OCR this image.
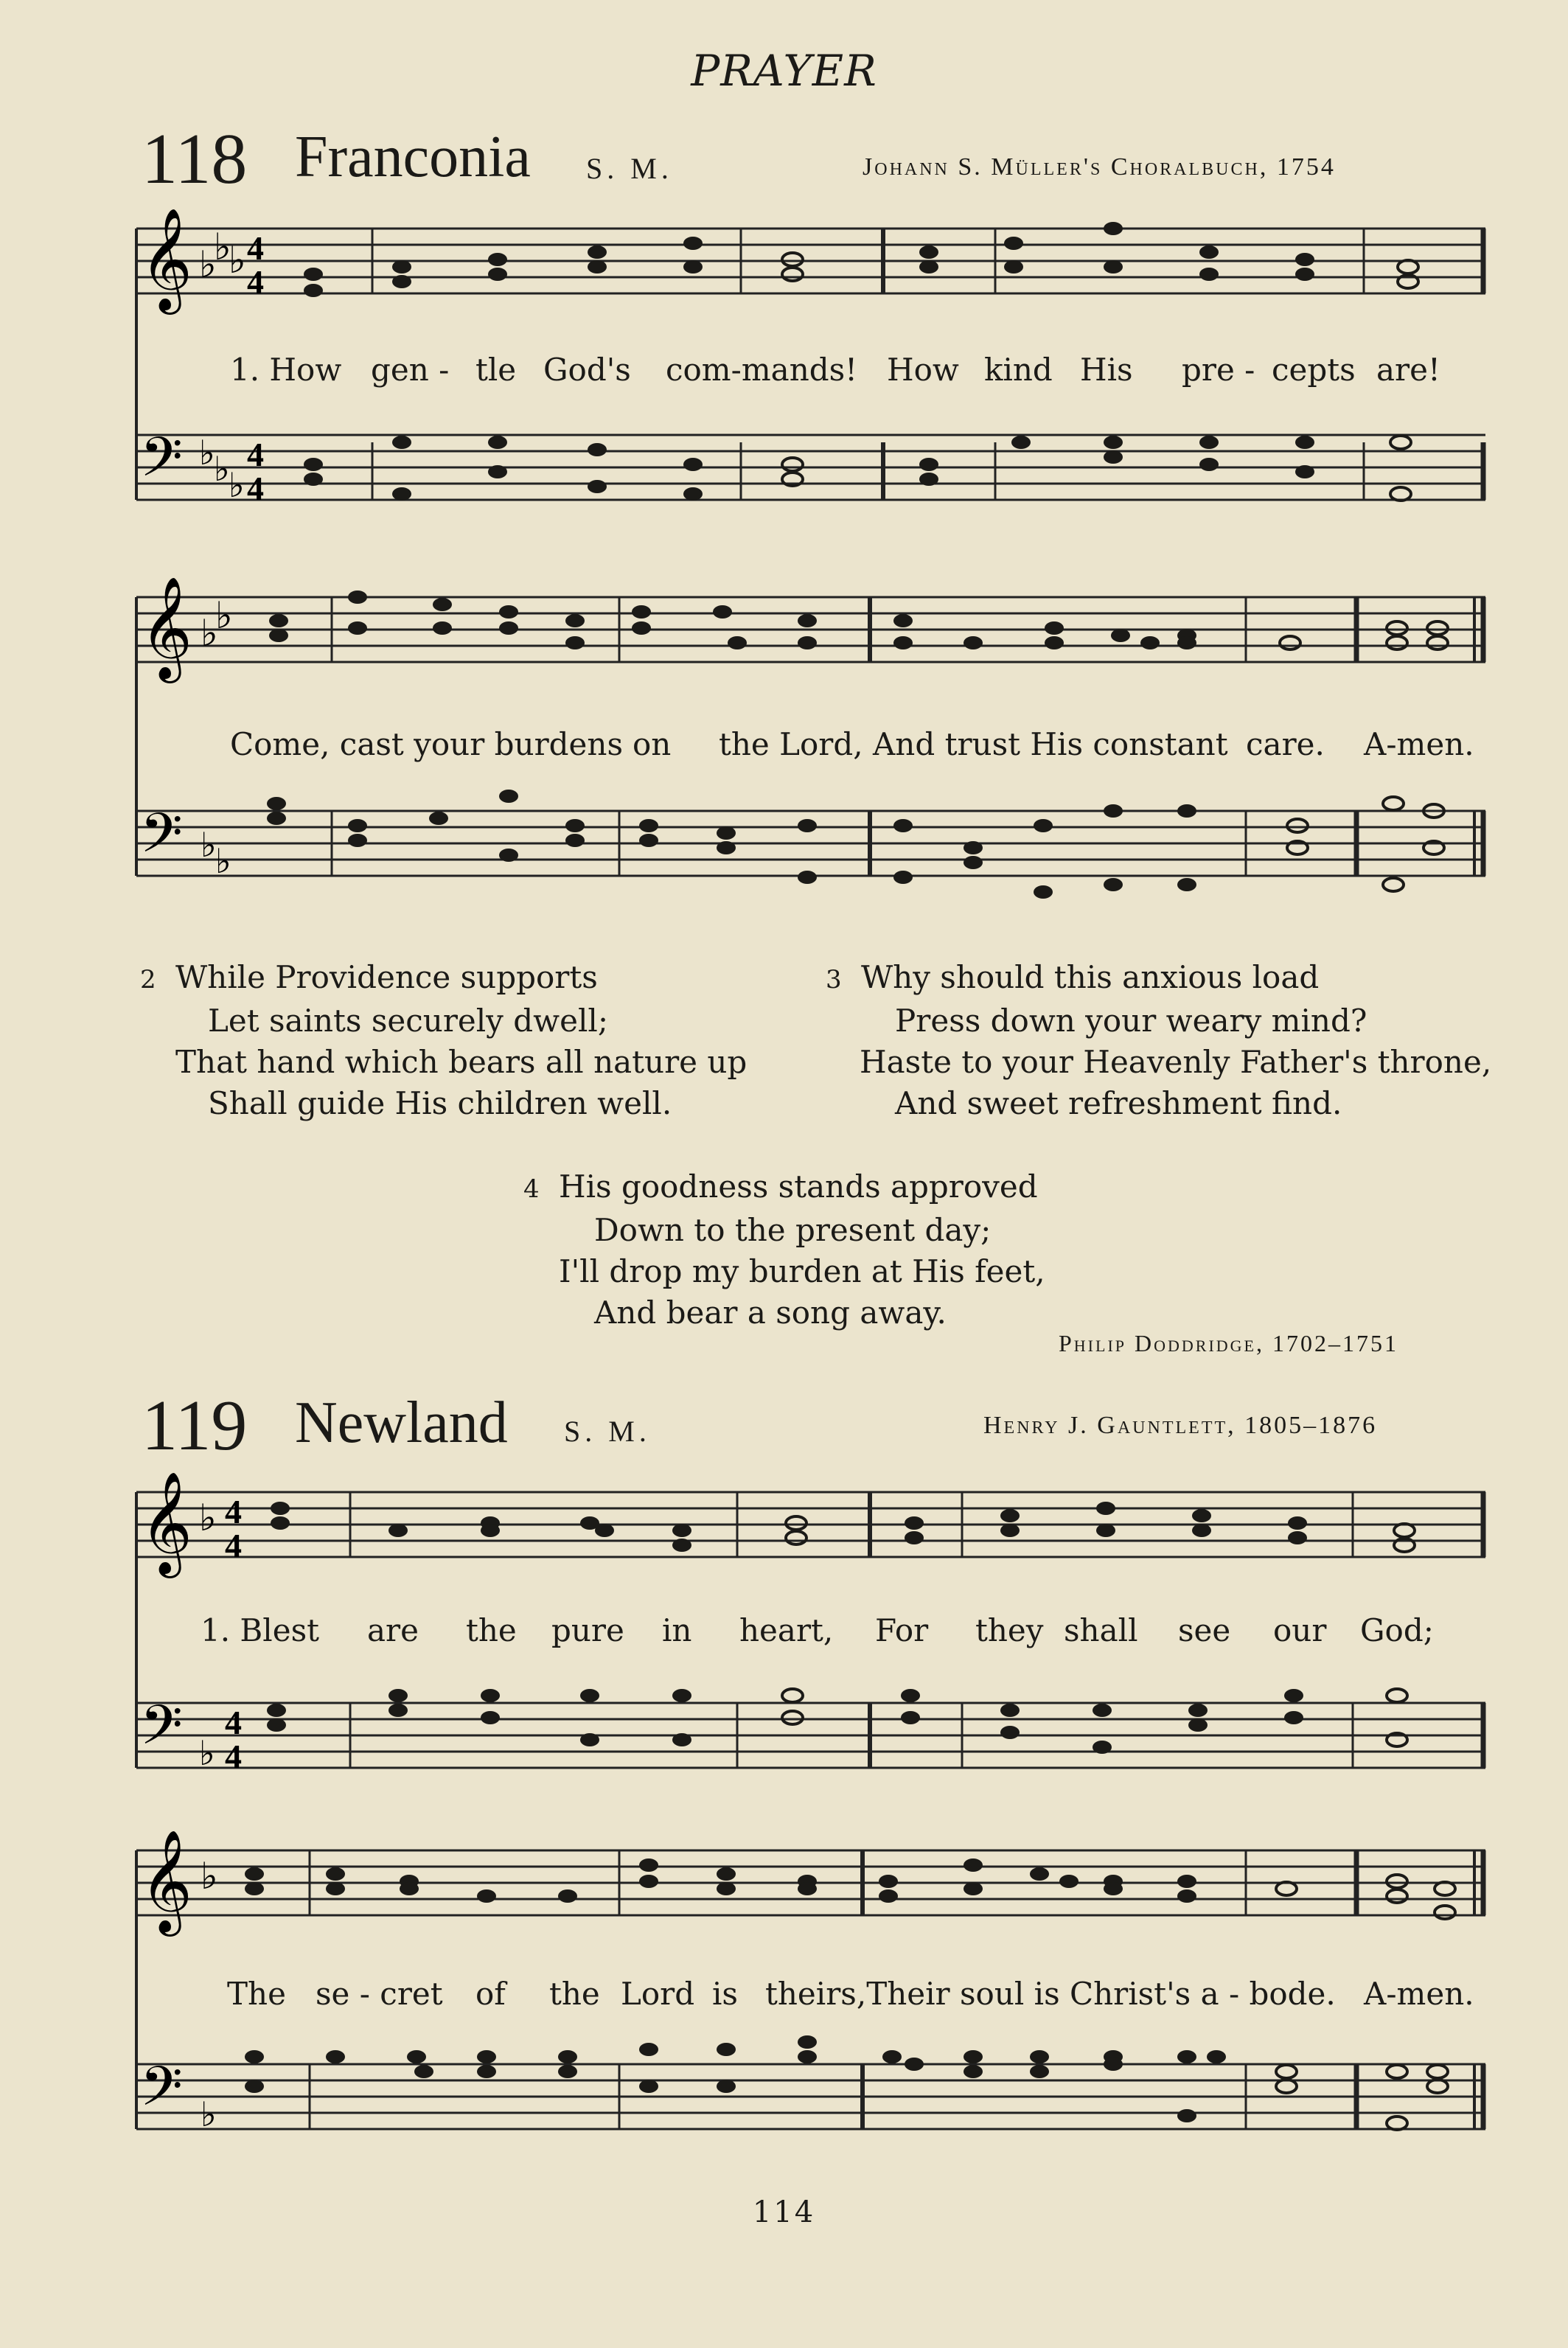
PRAYER
118 Franconia S. M.	Johann S. Müller's Choralbuch, 1754
𝄞 ♭
♭
♭ 4
4
𝄢 ♭
♭
♭
4
4
1. How gen - tle God's com-mands! How kind His pre - cepts are!
𝄞 ♭
♭
𝄢 ♭
♭
Come, cast your burdens on the Lord, And trust His constant care. A-men.
2 While Providence supports
Let saints securely dwell;
That hand which bears all nature up
Shall guide His children well.
3 Why should this anxious load
Press down your weary mind?
Haste to your Heavenly Father's throne,
And sweet refreshment find.
4 His goodness stands approved
Down to the present day;
I'll drop my burden at His feet,
And bear a song away.
Philip Doddridge, 1702–1751
119 Newland S. M.	Henry J. Gauntlett, 1805–1876
𝄞 ♭ 4
4
𝄢 ♭
4
4
1. Blest are the pure in heart, For they shall see our God;
𝄞 ♭
𝄢 ♭
The se - cret of the Lord is theirs,Their soul is Christ's a - bode. A-men.
114
